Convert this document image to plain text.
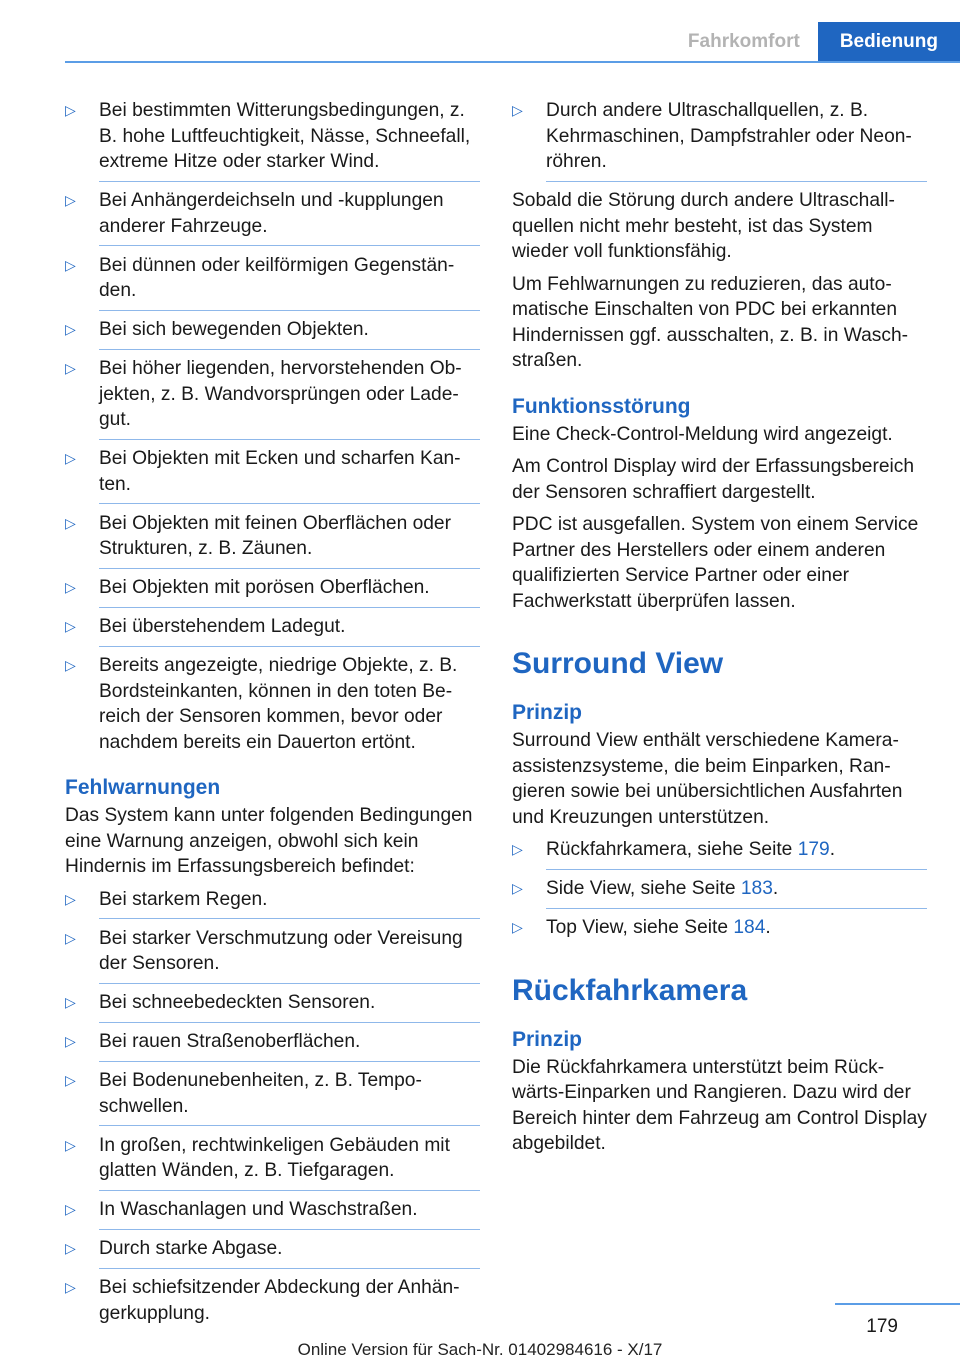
Fahrkomfort	Bedienung
▷
Bei bestimmten Witterungsbedingungen, z. B. hohe Luftfeuchtigkeit, Nässe, Schneefall, extreme Hitze oder starker Wind.
▷
Bei Anhängerdeichseln und -kupplungen anderer Fahrzeuge.
▷
Bei dünnen oder keilförmigen Gegenständen.
▷
Bei sich bewegenden Objekten.
▷
Bei höher liegenden, hervorstehenden Objekten, z. B. Wandvorsprüngen oder Ladegut.
▷
Bei Objekten mit Ecken und scharfen Kanten.
▷
Bei Objekten mit feinen Oberflächen oder Strukturen, z. B. Zäunen.
▷
Bei Objekten mit porösen Oberflächen.
▷
Bei überstehendem Ladegut.
▷
Bereits angezeigte, niedrige Objekte, z. B. Bordsteinkanten, können in den toten Bereich der Sensoren kommen, bevor oder nachdem bereits ein Dauerton ertönt.
Fehlwarnungen

Das System kann unter folgenden Bedingungen eine Warnung anzeigen, obwohl sich kein Hindernis im Erfassungsbereich befindet:

▷
Bei starkem Regen.
▷
Bei starker Verschmutzung oder Vereisung der Sensoren.
▷
Bei schneebedeckten Sensoren.
▷
Bei rauen Straßenoberflächen.
▷
Bei Bodenunebenheiten, z. B. Temposchwellen.
▷
In großen, rechtwinkeligen Gebäuden mit glatten Wänden, z. B. Tiefgaragen.
▷
In Waschanlagen und Waschstraßen.
▷
Durch starke Abgase.
▷
Bei schiefsitzender Abdeckung der Anhängerkupplung.
▷
Durch andere Ultraschallquellen, z. B. Kehrmaschinen, Dampfstrahler oder Neonröhren.

Sobald die Störung durch andere Ultraschallquellen nicht mehr besteht, ist das System wieder voll funktionsfähig.

Um Fehlwarnungen zu reduzieren, das automatische Einschalten von PDC bei erkannten Hindernissen ggf. ausschalten, z. B. in Waschstraßen.

Funktionsstörung

Eine Check-Control-Meldung wird angezeigt.

Am Control Display wird der Erfassungsbereich der Sensoren schraffiert dargestellt.

PDC ist ausgefallen. System von einem Service Partner des Herstellers oder einem anderen qualifizierten Service Partner oder einer Fachwerkstatt überprüfen lassen.

Surround View
Prinzip

Surround View enthält verschiedene Kameraassistenzsysteme, die beim Einparken, Rangieren sowie bei unübersichtlichen Ausfahrten und Kreuzungen unterstützen.

▷
Rückfahrkamera, siehe Seite 179.
▷
Side View, siehe Seite 183.
▷
Top View, siehe Seite 184.
Rückfahrkamera
Prinzip

Die Rückfahrkamera unterstützt beim Rückwärts-Einparken und Rangieren. Dazu wird der Bereich hinter dem Fahrzeug am Control Display abgebildet.

179
Online Version für Sach-Nr. 01402984616 - X/17
